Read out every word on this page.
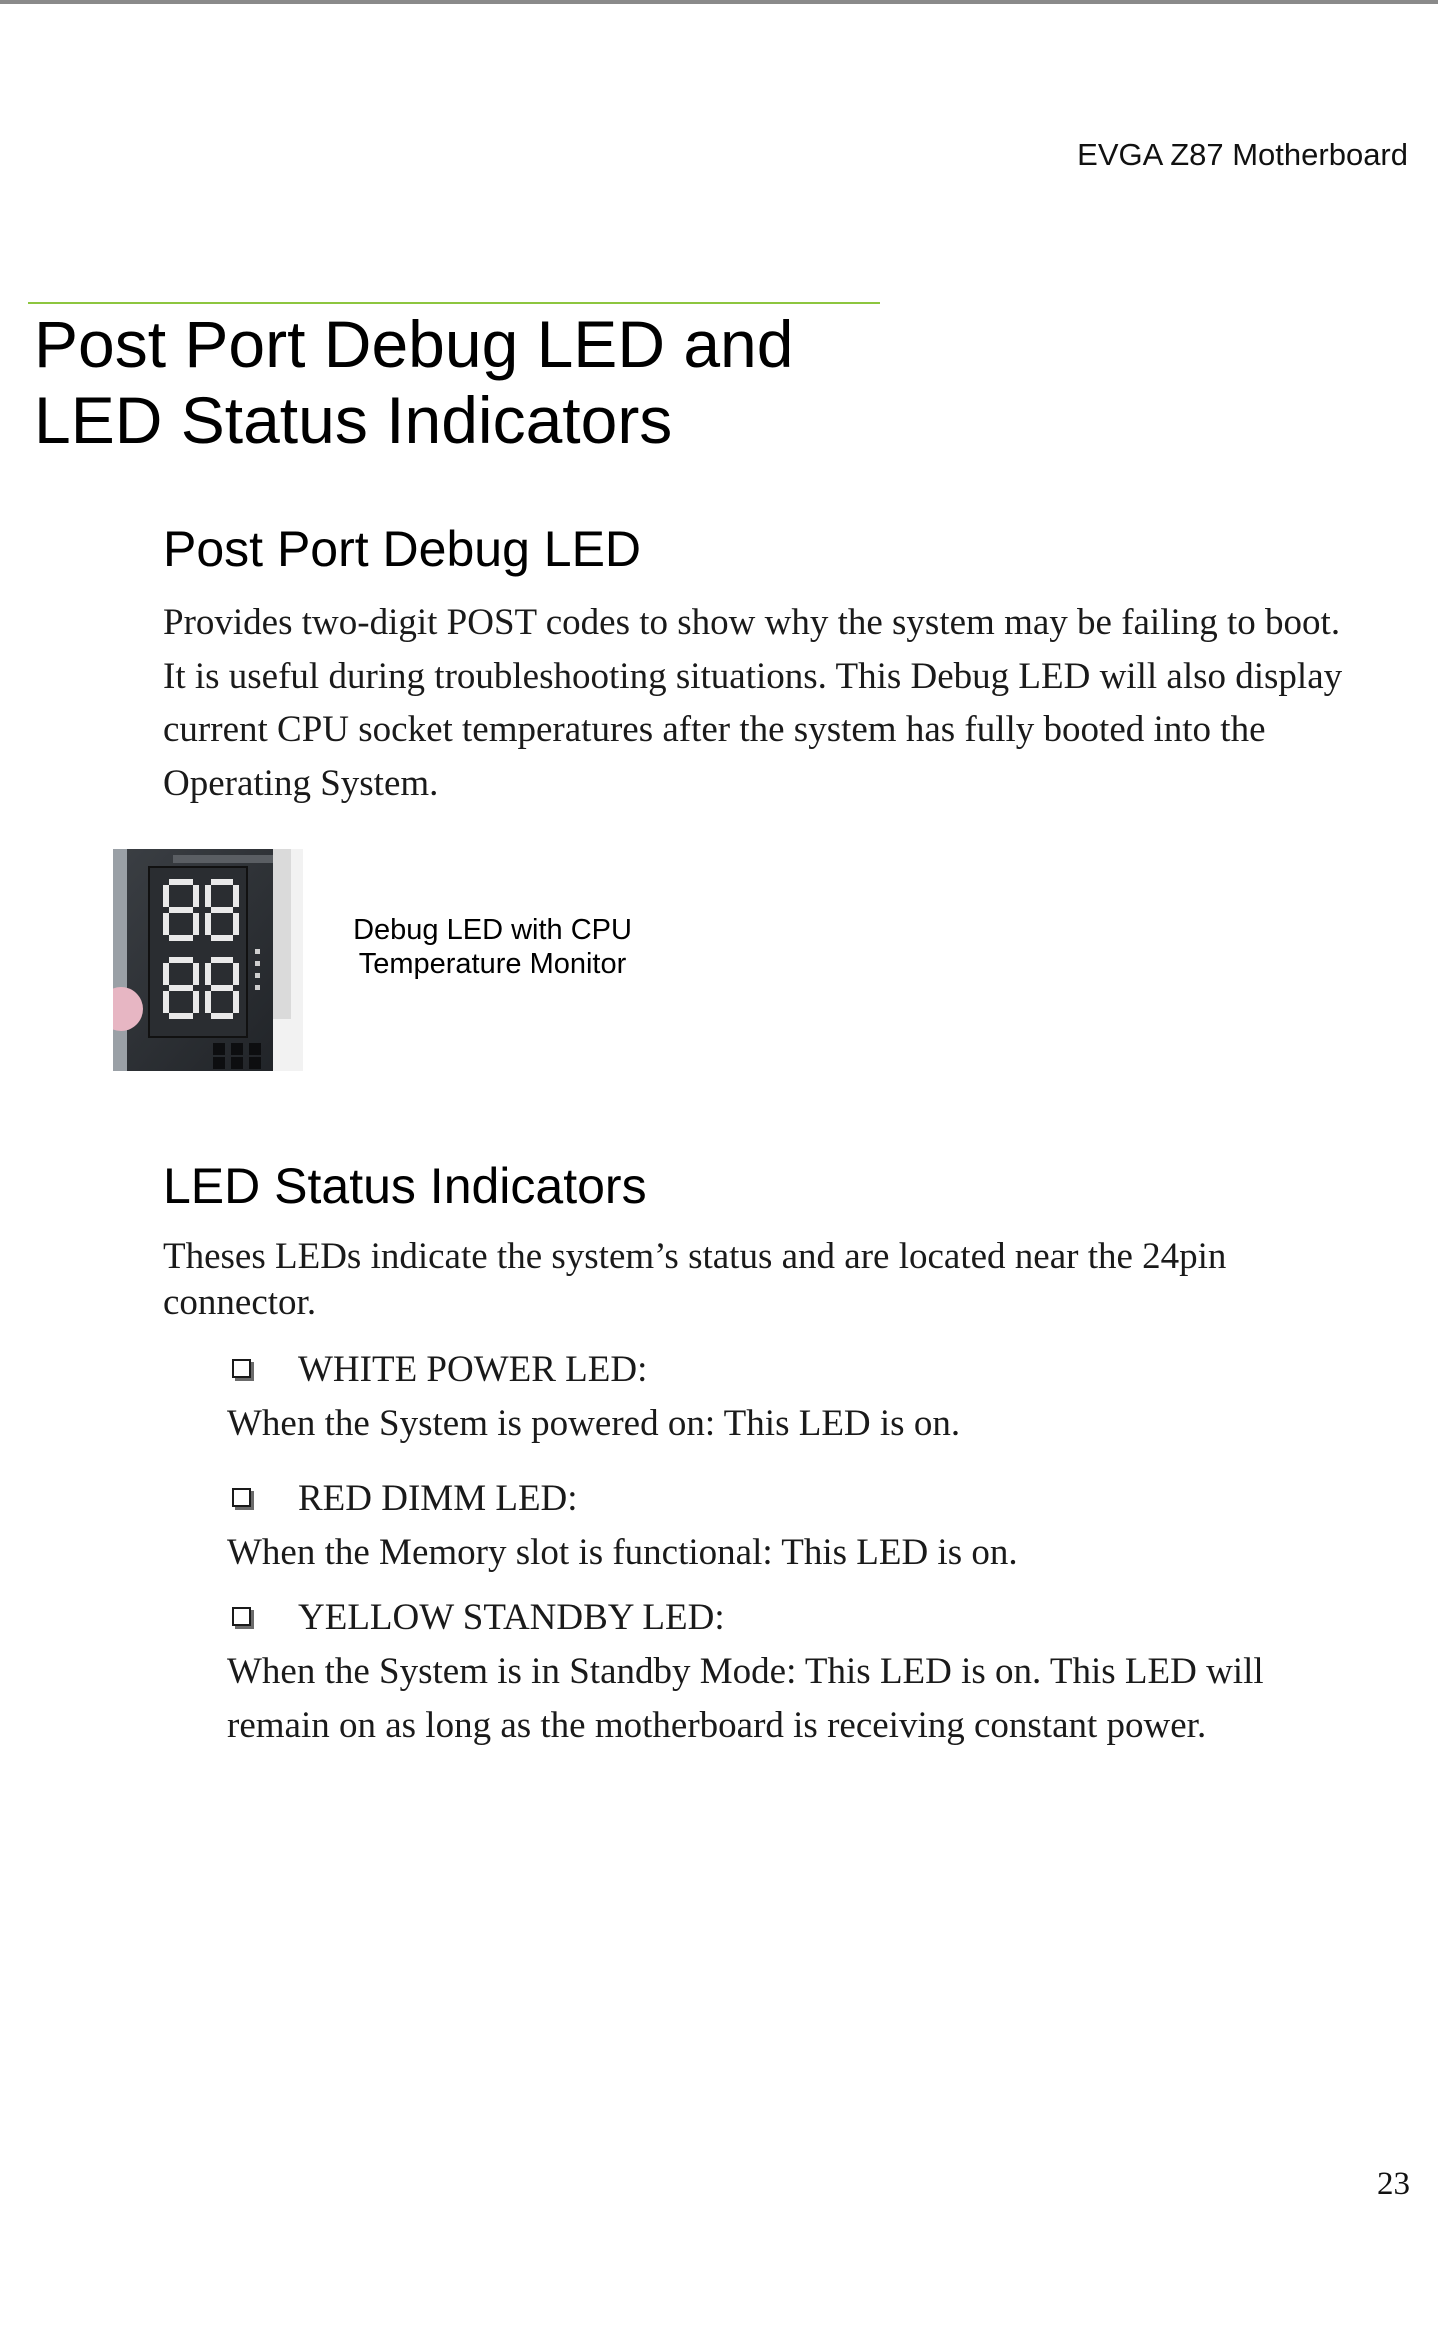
EVGA Z87 Motherboard
Post Port Debug LED and
LED Status Indicators
Post Port Debug LED

Provides two-digit POST codes to show why the system may be failing to boot.
It is useful during troubleshooting situations. This Debug LED will also display
current CPU socket temperatures after the system has fully booted into the
Operating System.

Debug LED with CPU
Temperature Monitor

LED Status Indicators

Theses LEDs indicate the system’s status and are located near the 24pin
connector.

WHITE POWER LED:

When the System is powered on: This LED is on.

RED DIMM LED:

When the Memory slot is functional: This LED is on.

YELLOW STANDBY LED:

When the System is in Standby Mode: This LED is on. This LED will
remain on as long as the motherboard is receiving constant power.

23
